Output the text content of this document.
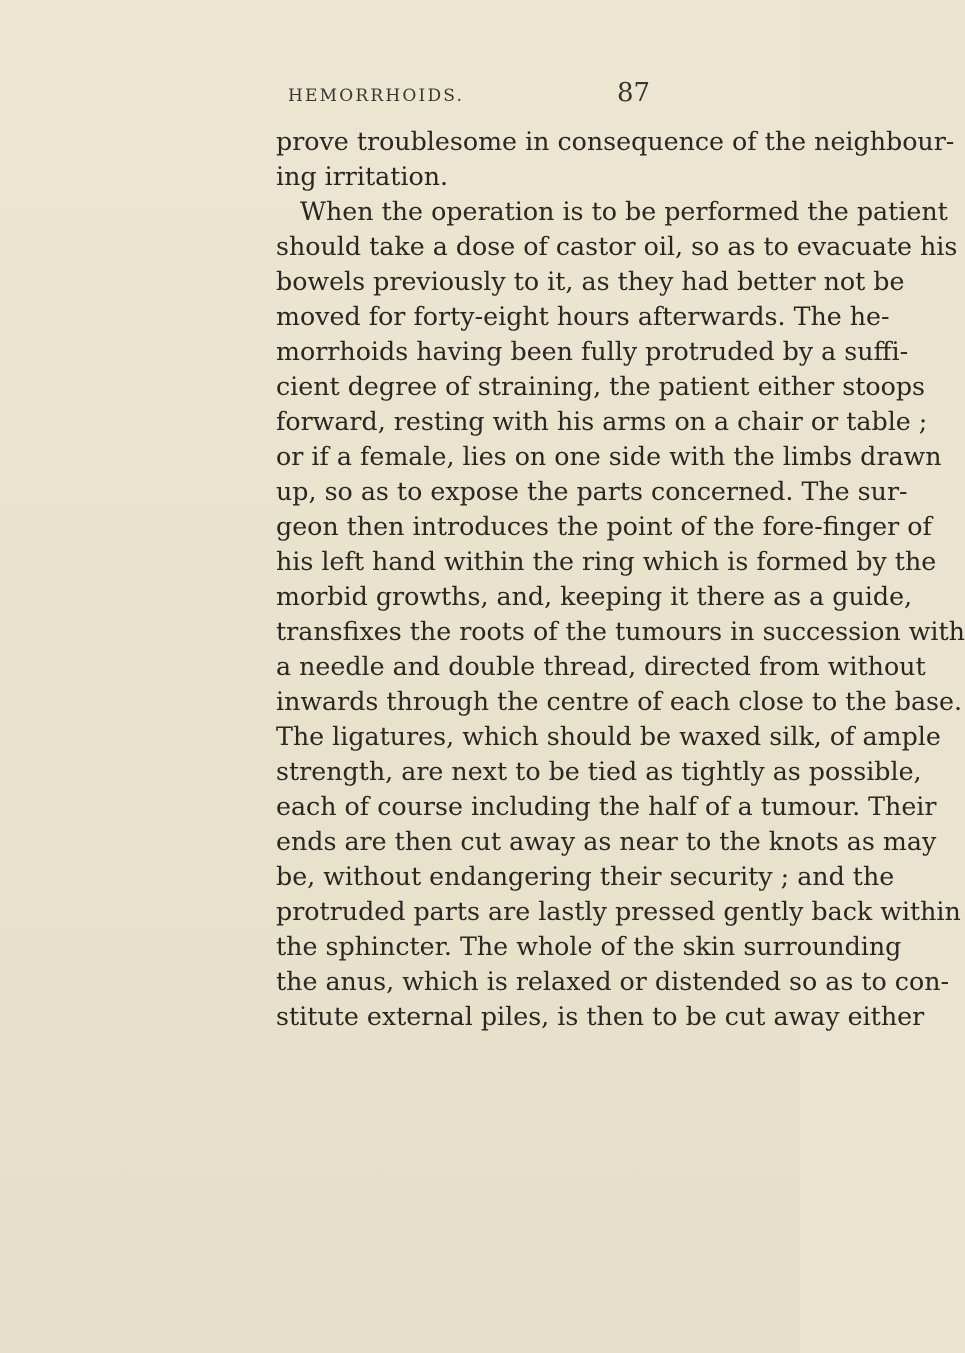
HEMORRHOIDS.	87
prove troublesome in consequence of the neighbour-
ing irritation.
When the operation is to be performed the patient
should take a dose of castor oil, so as to evacuate his
bowels previously to it, as they had better not be
moved for forty-eight hours afterwards. The he-
morrhoids having been fully protruded by a suffi-
cient degree of straining, the patient either stoops
forward, resting with his arms on a chair or table ;
or if a female, lies on one side with the limbs drawn
up, so as to expose the parts concerned. The sur-
geon then introduces the point of the fore-finger of
his left hand within the ring which is formed by the
morbid growths, and, keeping it there as a guide,
transfixes the roots of the tumours in succession with
a needle and double thread, directed from without
inwards through the centre of each close to the base.
The ligatures, which should be waxed silk, of ample
strength, are next to be tied as tightly as possible,
each of course including the half of a tumour. Their
ends are then cut away as near to the knots as may
be, without endangering their security ; and the
protruded parts are lastly pressed gently back within
the sphincter. The whole of the skin surrounding
the anus, which is relaxed or distended so as to con-
stitute external piles, is then to be cut away either
